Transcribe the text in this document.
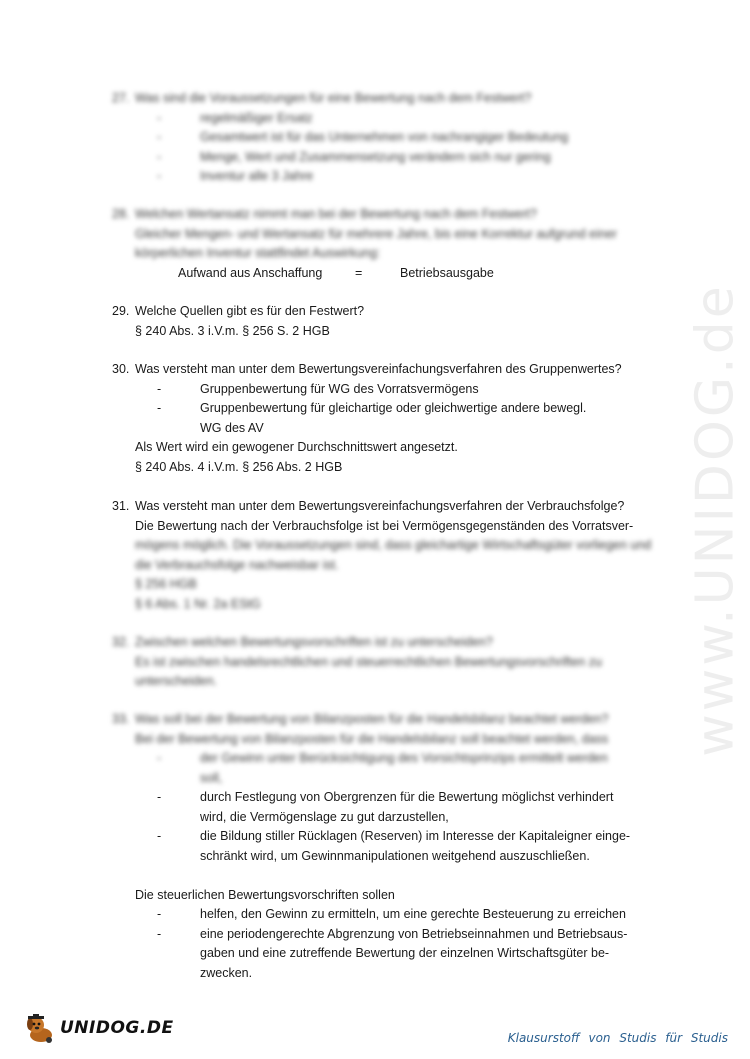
www.UNIDOG.de
27. Was sind die Voraussetzungen für eine Bewertung nach dem Festwert?
-	regelmäßiger Ersatz
-	Gesamtwert ist für das Unternehmen von nachrangiger Bedeutung
-	Menge, Wert und Zusammensetzung verändern sich nur gering
-	Inventur alle 3 Jahre
28. Welchen Wertansatz nimmt man bei der Bewertung nach dem Festwert?
Gleicher Mengen- und Wertansatz für mehrere Jahre, bis eine Korrektur aufgrund einer
körperlichen Inventur stattfindet Auswirkung:
Aufwand aus Anschaffung	=	Betriebsausgabe
29. Welche Quellen gibt es für den Festwert?
§ 240 Abs. 3 i.V.m. § 256 S. 2 HGB
30. Was versteht man unter dem Bewertungsvereinfachungsverfahren des Gruppenwertes?
-	Gruppenbewertung für WG des Vorratsvermögens
-	Gruppenbewertung für gleichartige oder gleichwertige andere bewegl.
WG des AV
Als Wert wird ein gewogener Durchschnittswert angesetzt.
§ 240 Abs. 4 i.V.m. § 256 Abs. 2 HGB
31. Was versteht man unter dem Bewertungsvereinfachungsverfahren der Verbrauchsfolge?
Die Bewertung nach der Verbrauchsfolge ist bei Vermögensgegenständen des Vorratsver-
mögens möglich. Die Voraussetzungen sind, dass gleichartige Wirtschaftsgüter vorliegen und
die Verbrauchsfolge nachweisbar ist.
§ 256 HGB
§ 6 Abs. 1 Nr. 2a EStG
32. Zwischen welchen Bewertungsvorschriften ist zu unterscheiden?
Es ist zwischen handelsrechtlichen und steuerrechtlichen Bewertungsvorschriften zu
unterscheiden.
33. Was soll bei der Bewertung von Bilanzposten für die Handelsbilanz beachtet werden?
Bei der Bewertung von Bilanzposten für die Handelsbilanz soll beachtet werden, dass
-	der Gewinn unter Berücksichtigung des Vorsichtsprinzips ermittelt werden
soll,
-	durch Festlegung von Obergrenzen für die Bewertung möglichst verhindert
wird, die Vermögenslage zu gut darzustellen,
-	die Bildung stiller Rücklagen (Reserven) im Interesse der Kapitaleigner einge-
schränkt wird, um Gewinnmanipulationen weitgehend auszuschließen.
Die steuerlichen Bewertungsvorschriften sollen
-	helfen, den Gewinn zu ermitteln, um eine gerechte Besteuerung zu erreichen
-	eine periodengerechte Abgrenzung von Betriebseinnahmen und Betriebsaus-
gaben und eine zutreffende Bewertung der einzelnen Wirtschaftsgüter be-
zwecken.
UNIDOG.DE	Klausurstoff von Studis für Studis
